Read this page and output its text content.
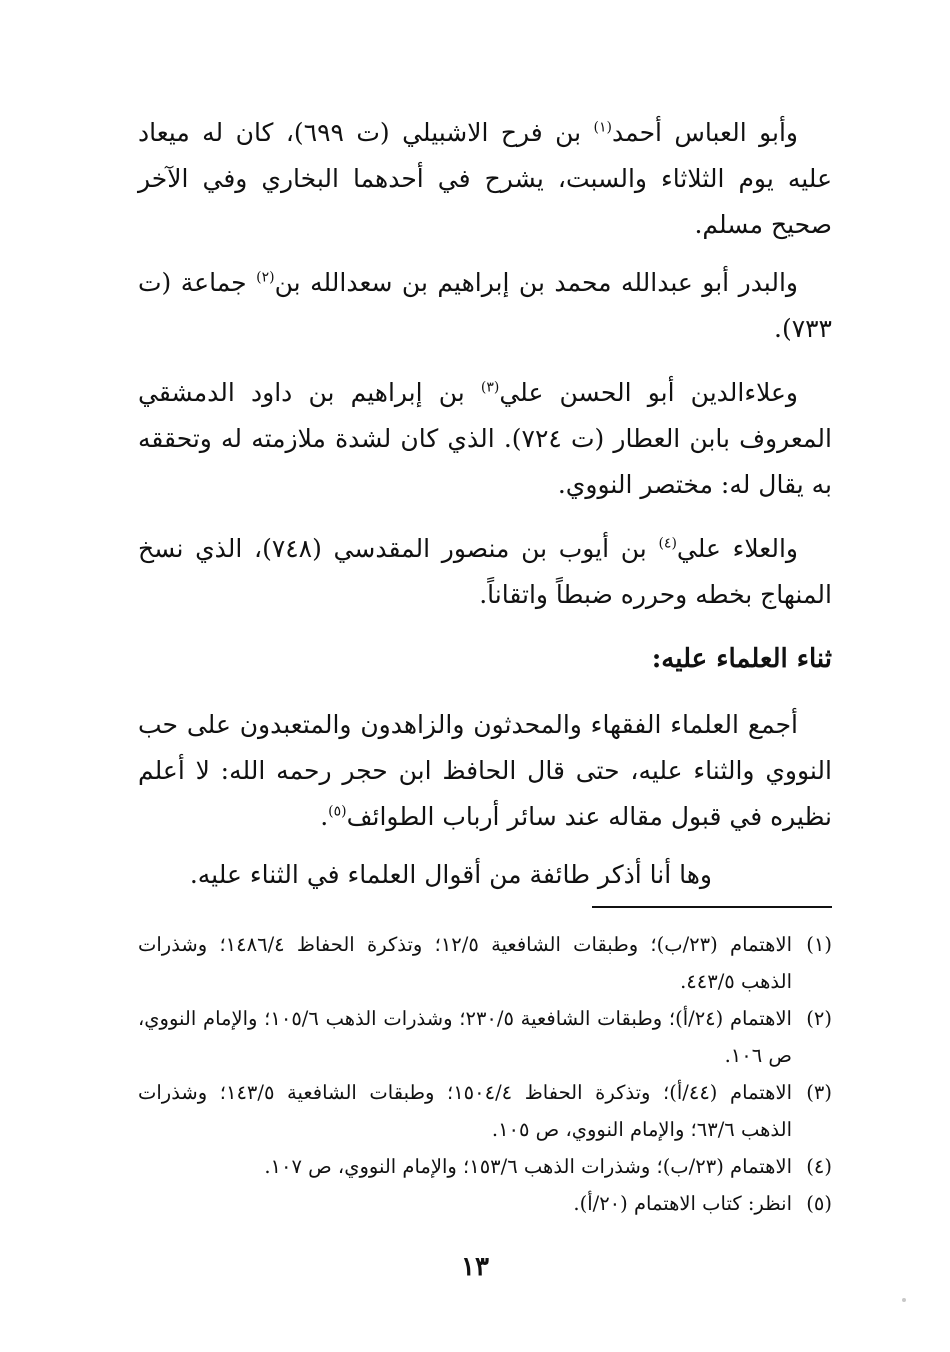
وأبو العباس أحمد$^{(١)}$ بن فرح الاشبيلي (ت ٦٩٩)، كان له ميعاد عليه يوم الثلاثاء والسبت، يشرح في أحدهما البخاري وفي الآخر صحيح مسلم.

والبدر أبو عبدالله محمد بن إبراهيم بن سعدالله بن$^{(٢)}$ جماعة (ت ٧٣٣).

وعلاءالدين أبو الحسن علي$^{(٣)}$ بن إبراهيم بن داود الدمشقي المعروف بابن العطار (ت ٧٢٤). الذي كان لشدة ملازمته له وتحققه به يقال له: مختصر النووي.

والعلاء علي$^{(٤)}$ بن أيوب بن منصور المقدسي (٧٤٨)، الذي نسخ المنهاج بخطه وحرره ضبطاً واتقاناً.

ثناء العلماء عليه:

أجمع العلماء الفقهاء والمحدثون والزاهدون والمتعبدون على حب النووي والثناء عليه، حتى قال الحافظ ابن حجر رحمه الله: لا أعلم نظيره في قبول مقاله عند سائر أرباب الطوائف$^{(٥)}$.

وها أنا أذكر طائفة من أقوال العلماء في الثناء عليه.

(١)
الاهتمام (٢٣/ب)؛ وطبقات الشافعية ١٢/٥؛ وتذكرة الحفاظ ١٤٨٦/٤؛ وشذرات الذهب ٤٤٣/٥.
(٢)
الاهتمام (٢٤/أ)؛ وطبقات الشافعية ٢٣٠/٥؛ وشذرات الذهب ١٠٥/٦؛ والإمام النووي، ص ١٠٦.
(٣)
الاهتمام (٤٤/أ)؛ وتذكرة الحفاظ ١٥٠٤/٤؛ وطبقات الشافعية ١٤٣/٥؛ وشذرات الذهب ٦٣/٦؛ والإمام النووي، ص ١٠٥.
(٤)
الاهتمام (٢٣/ب)؛ وشذرات الذهب ١٥٣/٦؛ والإمام النووي، ص ١٠٧.
(٥)
انظر: كتاب الاهتمام (٢٠/أ).
١٣
